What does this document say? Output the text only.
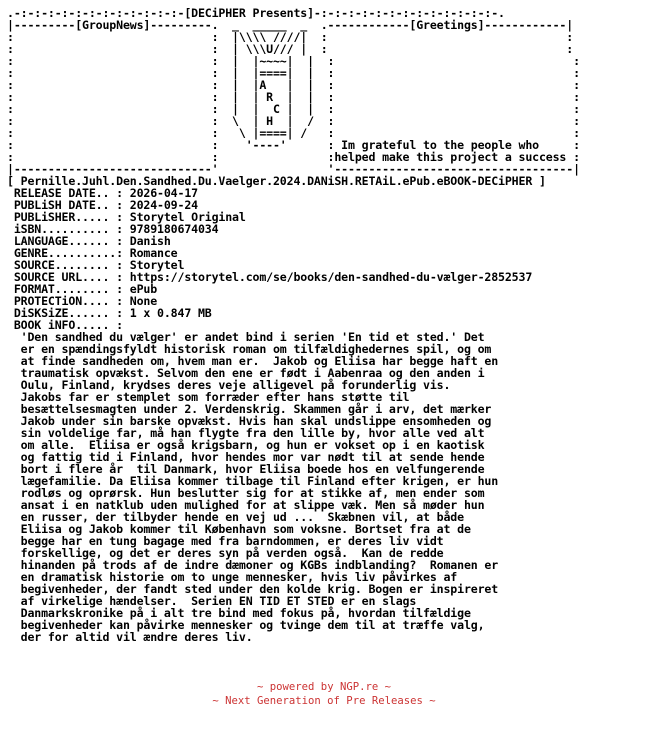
.-:-:-:-:-:-:-:-:-:-:-:-:-[DECiPHER Presents]-:-:-:-:-:-:-:-:-:-:-:-:-:-.
|---------[GroupNews]---------.  _  _____  _  .------------[Greetings]------------|
:                             :  |\\\\ ////|  :                                   :
:                             :  | \\\U/// |  :                                   :
:                             :  |  |~~~~|  |  :                                   :
:                             :  |  |====|  |  :                                   :
:                             :  |  |A   |  |  :                                   :
:                             :  |  | R  |  |  :                                   :
:                             :  |  |  C |  |  :                                   :
:                             :  \  | H  |  /  :                                   :
:                             :   \ |====| /   :                                   :
:                             :    '----'      : Im grateful to the people who     :
:                             :                :helped make this project a success :
|-----------------------------'                '-----------------------------------|
[ Pernille.Juhl.Den.Sandhed.Du.Vaelger.2024.DANiSH.RETAiL.ePub.eBOOK-DECiPHER ]
RELEASE DATE.. : 2026-04-17
PUBLiSH DATE.. : 2024-09-24
PUBLiSHER..... : Storytel Original
iSBN.......... : 9789180674034
LANGUAGE...... : Danish
GENRE..........: Romance
SOURCE........ : Storytel
SOURCE URL.... : https://storytel.com/se/books/den-sandhed-du-vælger-2852537
FORMAT........ : ePub
PROTECTiON.... : None
DiSKSiZE...... : 1 x 0.847 MB
BOOK iNFO..... :
'Den sandhed du vælger' er andet bind i serien 'En tid et sted.' Det
er en spændingsfyldt historisk roman om tilfældighedernes spil, og om
at finde sandheden om, hvem man er.  Jakob og Eliisa har begge haft en
traumatisk opvækst. Selvom den ene er født i Aabenraa og den anden i
Oulu, Finland, krydses deres veje alligevel på forunderlig vis.
Jakobs far er stemplet som forræder efter hans støtte til
besættelsesmagten under 2. Verdenskrig. Skammen går i arv, det mærker
Jakob under sin barske opvækst. Hvis han skal undslippe ensomheden og
sin voldelige far, må han flygte fra den lille by, hvor alle ved alt
om alle.  Eliisa er også krigsbarn, og hun er vokset op i en kaotisk
og fattig tid i Finland, hvor hendes mor var nødt til at sende hende
bort i flere år  til Danmark, hvor Eliisa boede hos en velfungerende
lægefamilie. Da Eliisa kommer tilbage til Finland efter krigen, er hun
rodløs og oprørsk. Hun beslutter sig for at stikke af, men ender som
ansat i en natklub uden mulighed for at slippe væk. Men så møder hun
en russer, der tilbyder hende en vej ud ...  Skæbnen vil, at både
Eliisa og Jakob kommer til København som voksne. Bortset fra at de
begge har en tung bagage med fra barndommen, er deres liv vidt
forskellige, og det er deres syn på verden også.  Kan de redde
hinanden på trods af de indre dæmoner og KGBs indblanding?  Romanen er
en dramatisk historie om to unge mennesker, hvis liv påvirkes af
begivenheder, der fandt sted under den kolde krig. Bogen er inspireret
af virkelige hændelser.  Serien EN TID ET STED er en slags
Danmarkskronike på i alt tre bind med fokus på, hvordan tilfældige
begivenheder kan påvirke mennesker og tvinge dem til at træffe valg,
der for altid vil ændre deres liv.
~ powered by NGP.re ~
~ Next Generation of Pre Releases ~
